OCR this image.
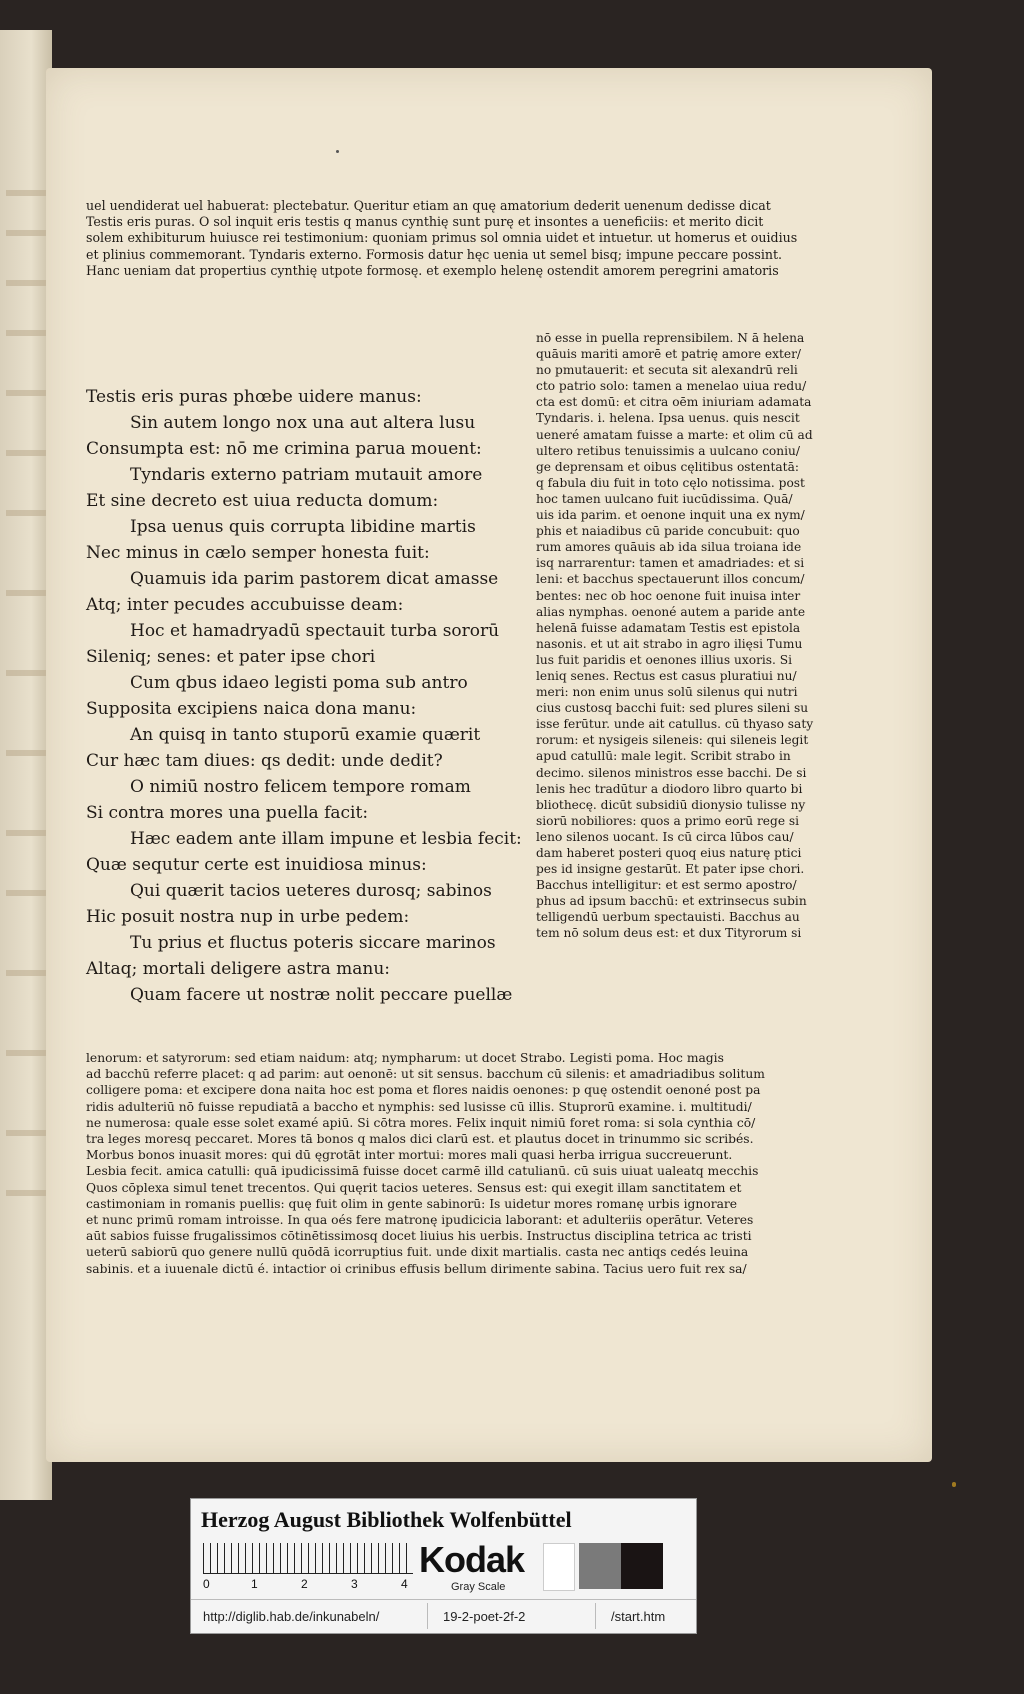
uel uendiderat uel habuerat: plectebatur. Queritur etiam an quę amatorium dederit uenenum dedisse dicat
Testis eris puras. O sol inquit eris testis q manus cynthię sunt purę et insontes a ueneficiis: et merito dicit
solem exhibiturum huiusce rei testimonium: quoniam primus sol omnia uidet et intuetur. ut homerus et ouidius
et plinius commemorant. Tyndaris externo. Formosis datur hęc uenia ut semel bisq; impune peccare possint.
Hanc ueniam dat propertius cynthię utpote formosę. et exemplo helenę ostendit amorem peregrini amatoris

Testis eris puras phœbe uidere manus:
Sin autem longo nox una aut altera lusu
Consumpta est: nō me crimina parua mouent:
Tyndaris externo patriam mutauit amore
Et sine decreto est uiua reducta domum:
Ipsa uenus quis corrupta libidine martis
Nec minus in cælo semper honesta fuit:
Quamuis ida parim pastorem dicat amasse
Atq; inter pecudes accubuisse deam:
Hoc et hamadryadū spectauit turba sororū
Sileniq; senes: et pater ipse chori
Cum qbus idaeo legisti poma sub antro
Supposita excipiens naica dona manu:
An quisq in tanto stuporū examie quærit
Cur hæc tam diues: qs dedit: unde dedit?
O nimiū nostro felicem tempore romam
Si contra mores una puella facit:
Hæc eadem ante illam impune et lesbia fecit:
Quæ sequtur certe est inuidiosa minus:
Qui quærit tacios ueteres durosq; sabinos
Hic posuit nostra nup in urbe pedem:
Tu prius et fluctus poteris siccare marinos
Altaq; mortali deligere astra manu:
Quam facere ut nostræ nolit peccare puellæ

nō esse in puella reprensibilem. N ā helena
quāuis mariti amorē et patrię amore exter/
no pmutauerit: et secuta sit alexandrū reli
cto patrio solo: tamen a menelao uiua redu/
cta est domū: et citra oēm iniuriam adamata
Tyndaris. i. helena. Ipsa uenus. quis nescit
ueneré amatam fuisse a marte: et olim cū ad
ultero retibus tenuissimis a uulcano coniu/
ge deprensam et oibus cęlitibus ostentatā:
q fabula diu fuit in toto cęlo notissima. post
hoc tamen uulcano fuit iucūdissima. Quā/
uis ida parim. et oenone inquit una ex nym/
phis et naiadibus cū paride concubuit: quo
rum amores quāuis ab ida silua troiana ide
isq narrarentur: tamen et amadriades: et si
leni: et bacchus spectauerunt illos concum/
bentes: nec ob hoc oenone fuit inuisa inter
alias nymphas. oenoné autem a paride ante
helenā fuisse adamatam Testis est epistola
nasonis. et ut ait strabo in agro ilięsi Tumu
lus fuit paridis et oenones illius uxoris. Si
leniq senes. Rectus est casus pluratiui nu/
meri: non enim unus solū silenus qui nutri
cius custosq bacchi fuit: sed plures sileni su
isse ferūtur. unde ait catullus. cū thyaso saty
rorum: et nysigeis sileneis: qui sileneis legit
apud catullū: male legit. Scribit strabo in
decimo. silenos ministros esse bacchi. De si
lenis hec tradūtur a diodoro libro quarto bi
bliothecę. dicūt subsidiū dionysio tulisse ny
siorū nobiliores: quos a primo eorū rege si
leno silenos uocant. Is cū circa lūbos cau/
dam haberet posteri quoq eius naturę ptici
pes id insigne gestarūt. Et pater ipse chori.
Bacchus intelligitur: et est sermo apostro/
phus ad ipsum bacchū: et extrinsecus subin
telligendū uerbum spectauisti. Bacchus au
tem nō solum deus est: et dux Tityrorum si

lenorum: et satyrorum: sed etiam naidum: atq; nympharum: ut docet Strabo. Legisti poma. Hoc magis
ad bacchū referre placet: q ad parim: aut oenonē: ut sit sensus. bacchum cū silenis: et amadriadibus solitum
colligere poma: et excipere dona naita hoc est poma et flores naidis oenones: p quę ostendit oenoné post pa
ridis adulteriū nō fuisse repudiatā a baccho et nymphis: sed lusisse cū illis. Stuprorū examine. i. multitudi/
ne numerosa: quale esse solet examé apiū. Si cōtra mores. Felix inquit nimiū foret roma: si sola cynthia cō/
tra leges moresq peccaret. Mores tā bonos q malos dici clarū est. et plautus docet in trinummo sic scribés.
Morbus bonos inuasit mores: qui dū ęgrotāt inter mortui: mores mali quasi herba irrigua succreuerunt.
Lesbia fecit. amica catulli: quā ipudicissimā fuisse docet carmē illd catulianū. cū suis uiuat ualeatq mecchis
Quos cōplexa simul tenet trecentos. Qui quęrit tacios ueteres. Sensus est: qui exegit illam sanctitatem et
castimoniam in romanis puellis: quę fuit olim in gente sabinorū: Is uidetur mores romanę urbis ignorare
et nunc primū romam introisse. In qua oés fere matronę ipudicicia laborant: et adulteriis operātur. Veteres
aūt sabios fuisse frugalissimos cōtinētissimosq docet liuius his uerbis. Instructus disciplina tetrica ac tristi
ueterū sabiorū quo genere nullū quōdā icorruptius fuit. unde dixit martialis. casta nec antiqs cedés leuina
sabinis. et a iuuenale dictū é. intactior oi crinibus effusis bellum dirimente sabina. Tacius uero fuit rex sa/

Herzog August Bibliothek Wolfenbüttel
0	1	2	3	4
Kodak
Gray Scale
http://diglib.hab.de/inkunabeln/	19-2-poet-2f-2	/start.htm
